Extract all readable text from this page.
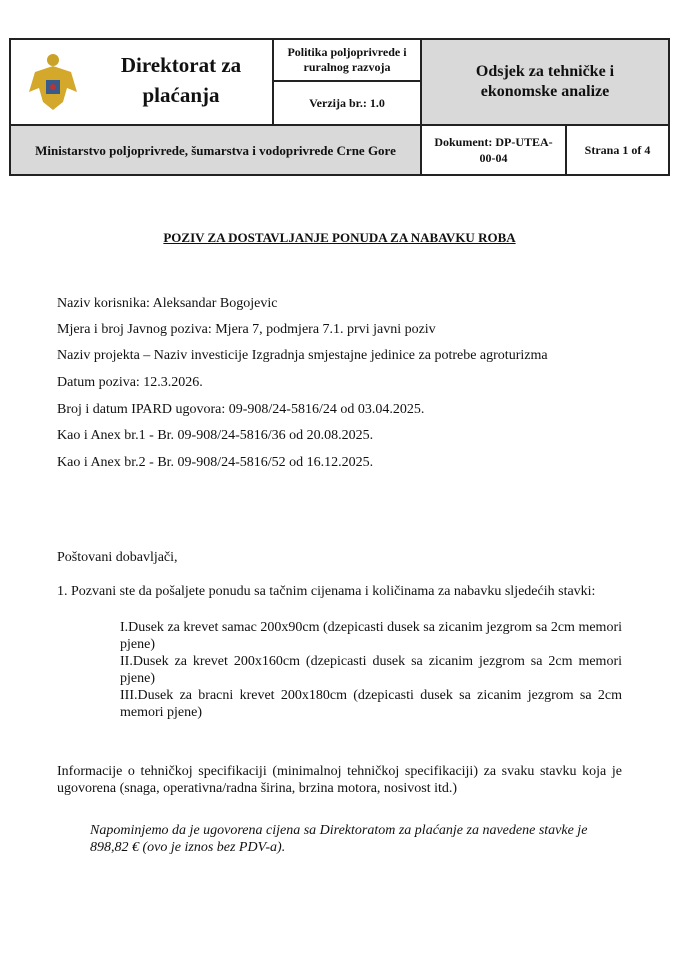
Direktorat za plaćanja
Politika poljoprivrede i ruralnog razvoja
Verzija br.: 1.0
Odsjek za tehničke i ekonomske analize
Ministarstvo poljoprivrede, šumarstva i vodoprivrede Crne Gore
Dokument: DP-UTEA-00-04
Strana 1 of 4
POZIV ZA DOSTAVLJANJE PONUDA ZA NABAVKU ROBA
Naziv korisnika: Aleksandar Bogojevic
Mjera i broj Javnog poziva: Mjera 7, podmjera 7.1. prvi javni poziv
Naziv projekta – Naziv investicije Izgradnja smjestajne jedinice za potrebe agroturizma
Datum poziva: 12.3.2026.
Broj i datum IPARD ugovora: 09-908/24-5816/24 od 03.04.2025.
Kao i Anex br.1 - Br. 09-908/24-5816/36 od 20.08.2025.
Kao i Anex br.2 - Br. 09-908/24-5816/52 od 16.12.2025.
Poštovani dobavljači,
1. Pozvani ste da pošaljete ponudu sa tačnim cijenama i količinama za nabavku sljedećih stavki:
I.Dusek za krevet samac 200x90cm (dzepicasti dusek sa zicanim jezgrom sa 2cm memori pjene)
II.Dusek za krevet 200x160cm (dzepicasti dusek sa zicanim jezgrom sa 2cm memori pjene)
III.Dusek za bracni krevet 200x180cm (dzepicasti dusek sa zicanim jezgrom sa 2cm memori pjene)
Informacije o tehničkoj specifikaciji (minimalnoj tehničkoj specifikaciji) za svaku stavku koja je ugovorena (snaga, operativna/radna širina, brzina motora, nosivost itd.)
Napominjemo da je ugovorena cijena sa Direktoratom za plaćanje za navedene stavke je 898,82 € (ovo je iznos bez PDV-a).
